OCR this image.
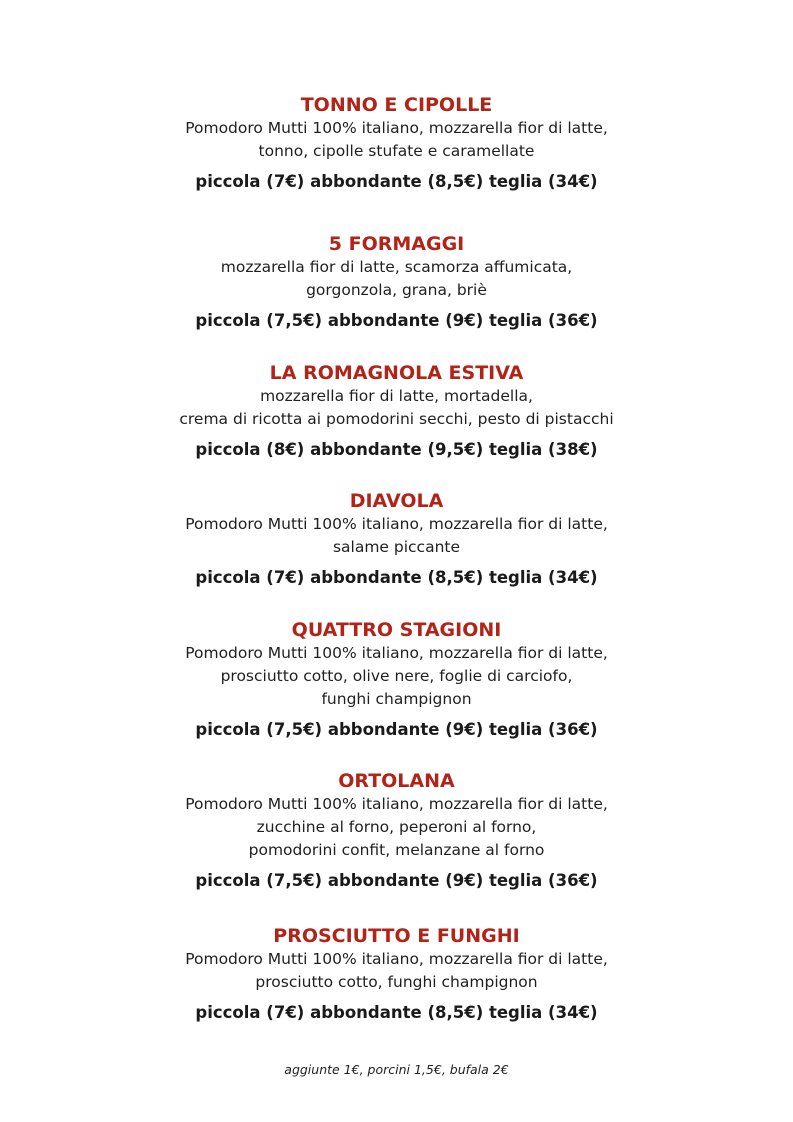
TONNO E CIPOLLE
Pomodoro Mutti 100% italiano, mozzarella fior di latte,
tonno, cipolle stufate e caramellate
piccola (7€) abbondante (8,5€) teglia (34€)
5 FORMAGGI
mozzarella fior di latte, scamorza affumicata,
gorgonzola, grana, briè
piccola (7,5€) abbondante (9€) teglia (36€)
LA ROMAGNOLA ESTIVA
mozzarella fior di latte, mortadella,
crema di ricotta ai pomodorini secchi, pesto di pistacchi
piccola (8€) abbondante (9,5€) teglia (38€)
DIAVOLA
Pomodoro Mutti 100% italiano, mozzarella fior di latte,
salame piccante
piccola (7€) abbondante (8,5€) teglia (34€)
QUATTRO STAGIONI
Pomodoro Mutti 100% italiano, mozzarella fior di latte,
prosciutto cotto, olive nere, foglie di carciofo,
funghi champignon
piccola (7,5€) abbondante (9€) teglia (36€)
ORTOLANA
Pomodoro Mutti 100% italiano, mozzarella fior di latte,
zucchine al forno, peperoni al forno,
pomodorini confit, melanzane al forno
piccola (7,5€) abbondante (9€) teglia (36€)
PROSCIUTTO E FUNGHI
Pomodoro Mutti 100% italiano, mozzarella fior di latte,
prosciutto cotto, funghi champignon
piccola (7€) abbondante (8,5€) teglia (34€)
aggiunte 1€, porcini 1,5€, bufala 2€
